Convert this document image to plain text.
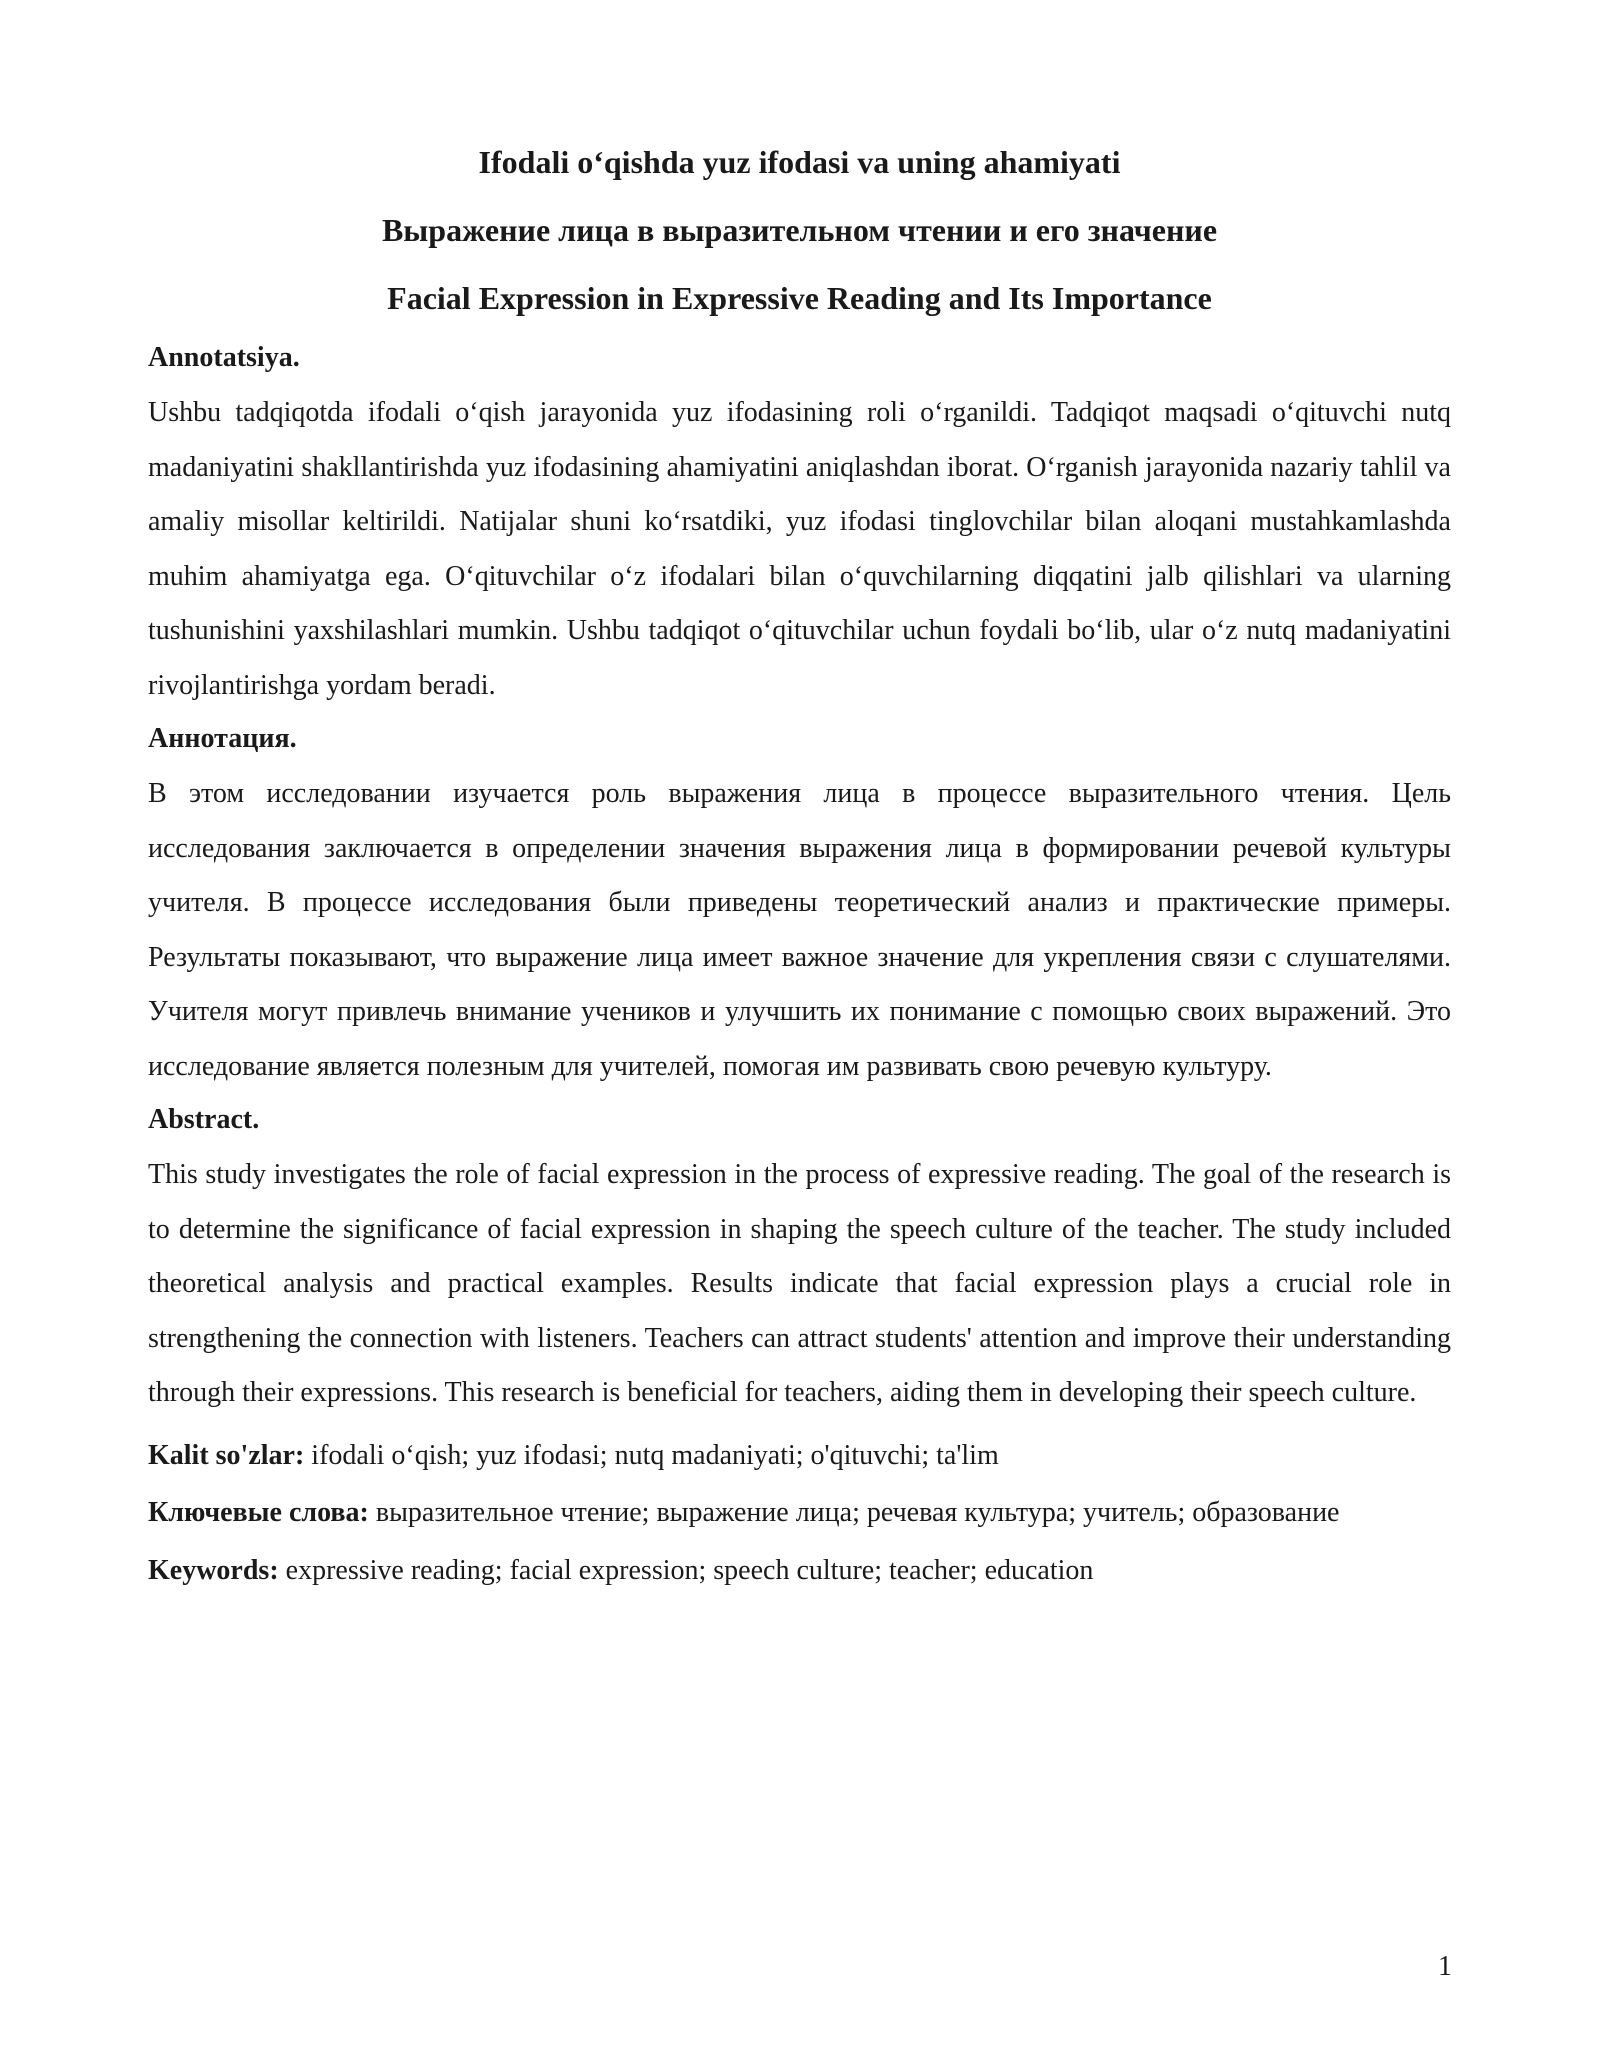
Ifodali o‘qishda yuz ifodasi va uning ahamiyati
Выражение лица в выразительном чтении и его значение
Facial Expression in Expressive Reading and Its Importance
Annotatsiya.

Ushbu tadqiqotda ifodali o‘qish jarayonida yuz ifodasining roli o‘rganildi. Tadqiqot maqsadi o‘qituvchi nutq madaniyatini shakllantirishda yuz ifodasining ahamiyatini aniqlashdan iborat. O‘rganish jarayonida nazariy tahlil va amaliy misollar keltirildi. Natijalar shuni ko‘rsatdiki, yuz ifodasi tinglovchilar bilan aloqani mustahkamlashda muhim ahamiyatga ega. O‘qituvchilar o‘z ifodalari bilan o‘quvchilarning diqqatini jalb qilishlari va ularning tushunishini yaxshilashlari mumkin. Ushbu tadqiqot o‘qituvchilar uchun foydali bo‘lib, ular o‘z nutq madaniyatini rivojlantirishga yordam beradi.

Аннотация.

В этом исследовании изучается роль выражения лица в процессе выразительного чтения. Цель исследования заключается в определении значения выражения лица в формировании речевой культуры учителя. В процессе исследования были приведены теоретический анализ и практические примеры. Результаты показывают, что выражение лица имеет важное значение для укрепления связи с слушателями. Учителя могут привлечь внимание учеников и улучшить их понимание с помощью своих выражений. Это исследование является полезным для учителей, помогая им развивать свою речевую культуру.

Abstract.

This study investigates the role of facial expression in the process of expressive reading. The goal of the research is to determine the significance of facial expression in shaping the speech culture of the teacher. The study included theoretical analysis and practical examples. Results indicate that facial expression plays a crucial role in strengthening the connection with listeners. Teachers can attract students' attention and improve their understanding through their expressions. This research is beneficial for teachers, aiding them in developing their speech culture.

Kalit so'zlar: ifodali o‘qish; yuz ifodasi; nutq madaniyati; o'qituvchi; ta'lim
Ключевые слова: выразительное чтение; выражение лица; речевая культура; учитель; образование
Keywords: expressive reading; facial expression; speech culture; teacher; education
1
